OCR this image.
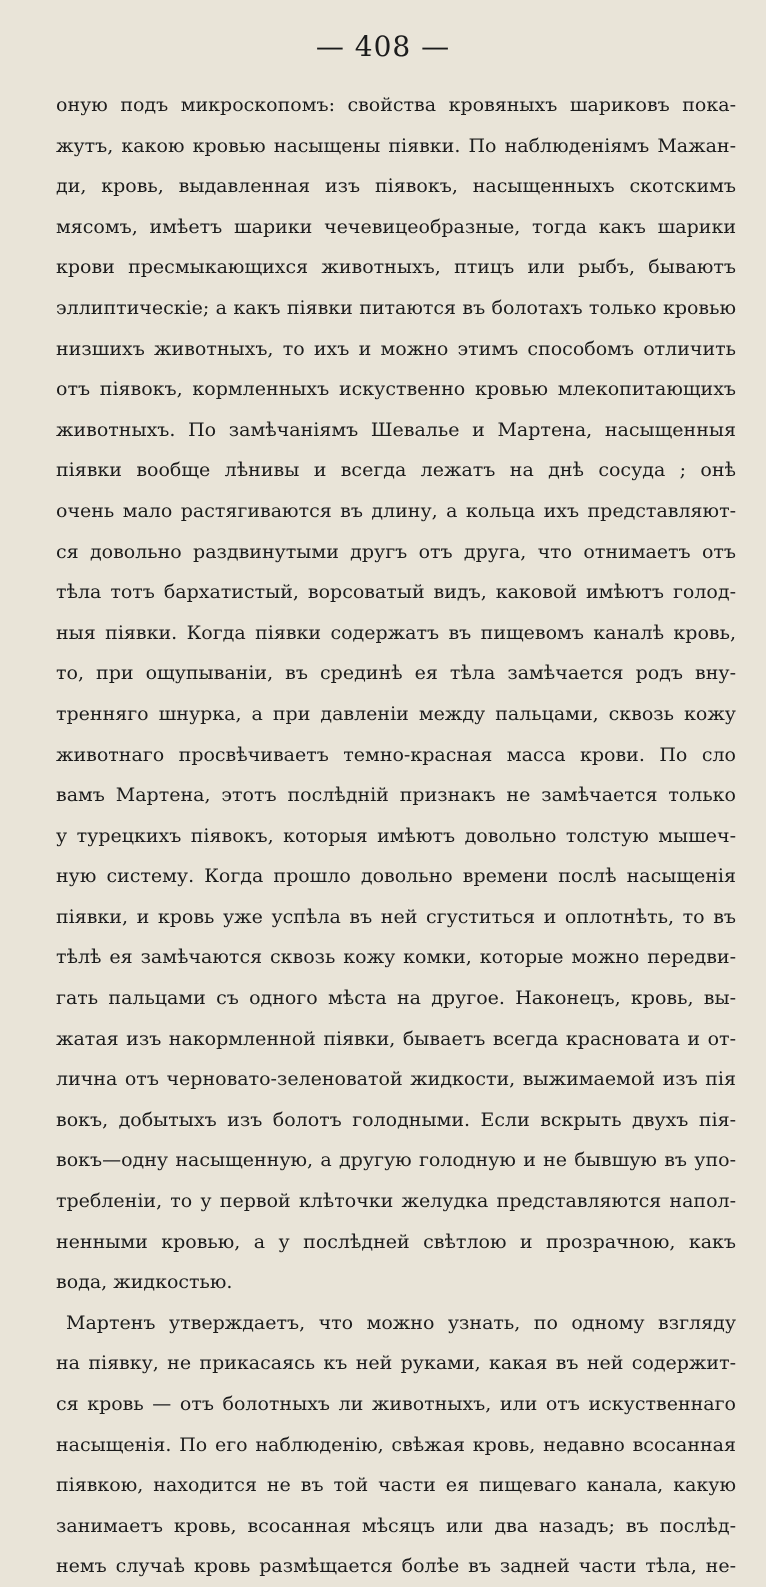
— 408 —
оную подъ микроскопомъ: свойства кровяныхъ шариковъ пока-
жутъ, какою кровью насыщены піявки. По наблюденіямъ Мажан-
ди, кровь, выдавленная изъ піявокъ, насыщенныхъ скотскимъ
мясомъ, имѣетъ шарики чечевицеобразные, тогда какъ шарики
крови пресмыкающихся животныхъ, птицъ или рыбъ, бываютъ
эллиптическіе; а какъ піявки питаются въ болотахъ только кровью
низшихъ животныхъ, то ихъ и можно этимъ способомъ отличить
отъ піявокъ, кормленныхъ искуственно кровью млекопитающихъ
животныхъ. По замѣчаніямъ Шевалье и Мартена, насыщенныя
піявки вообще лѣнивы и всегда лежатъ на днѣ сосуда ; онѣ
очень мало растягиваются въ длину, а кольца ихъ представляют-
ся довольно раздвинутыми другъ отъ друга, что отнимаетъ отъ
тѣла тотъ бархатистый, ворсоватый видъ, каковой имѣютъ голод-
ныя піявки. Когда піявки содержатъ въ пищевомъ каналѣ кровь,
то, при ощупываніи, въ срединѣ ея тѣла замѣчается родъ вну-
тренняго шнурка, а при давленіи между пальцами, сквозь кожу
животнаго просвѣчиваетъ темно-красная масса крови. По сло
вамъ Мартена, этотъ послѣдній признакъ не замѣчается только
у турецкихъ піявокъ, которыя имѣютъ довольно толстую мышеч-
ную систему. Когда прошло довольно времени послѣ насыщенія
піявки, и кровь уже успѣла въ ней сгуститься и оплотнѣть, то въ
тѣлѣ ея замѣчаются сквозь кожу комки, которые можно передви-
гать пальцами съ одного мѣста на другое. Наконецъ, кровь, вы-
жатая изъ накормленной піявки, бываетъ всегда красновата и от-
лична отъ черновато-зеленоватой жидкости, выжимаемой изъ пія
вокъ, добытыхъ изъ болотъ голодными. Если вскрыть двухъ пія-
вокъ—одну насыщенную, а другую голодную и не бывшую въ упо-
требленіи, то у первой клѣточки желудка представляются напол-
ненными кровью, а у послѣдней свѣтлою и прозрачною, какъ
вода, жидкостью.
Мартенъ утверждаетъ, что можно узнать, по одному взгляду
на піявку, не прикасаясь къ ней руками, какая въ ней содержит-
ся кровь — отъ болотныхъ ли животныхъ, или отъ искуственнаго
насыщенія. По его наблюденію, свѣжая кровь, недавно всосанная
піявкою, находится не въ той части ея пищеваго канала, какую
занимаетъ кровь, всосанная мѣсяцъ или два назадъ; въ послѣд-
немъ случаѣ кровь размѣщается болѣе въ задней части тѣла, не-
